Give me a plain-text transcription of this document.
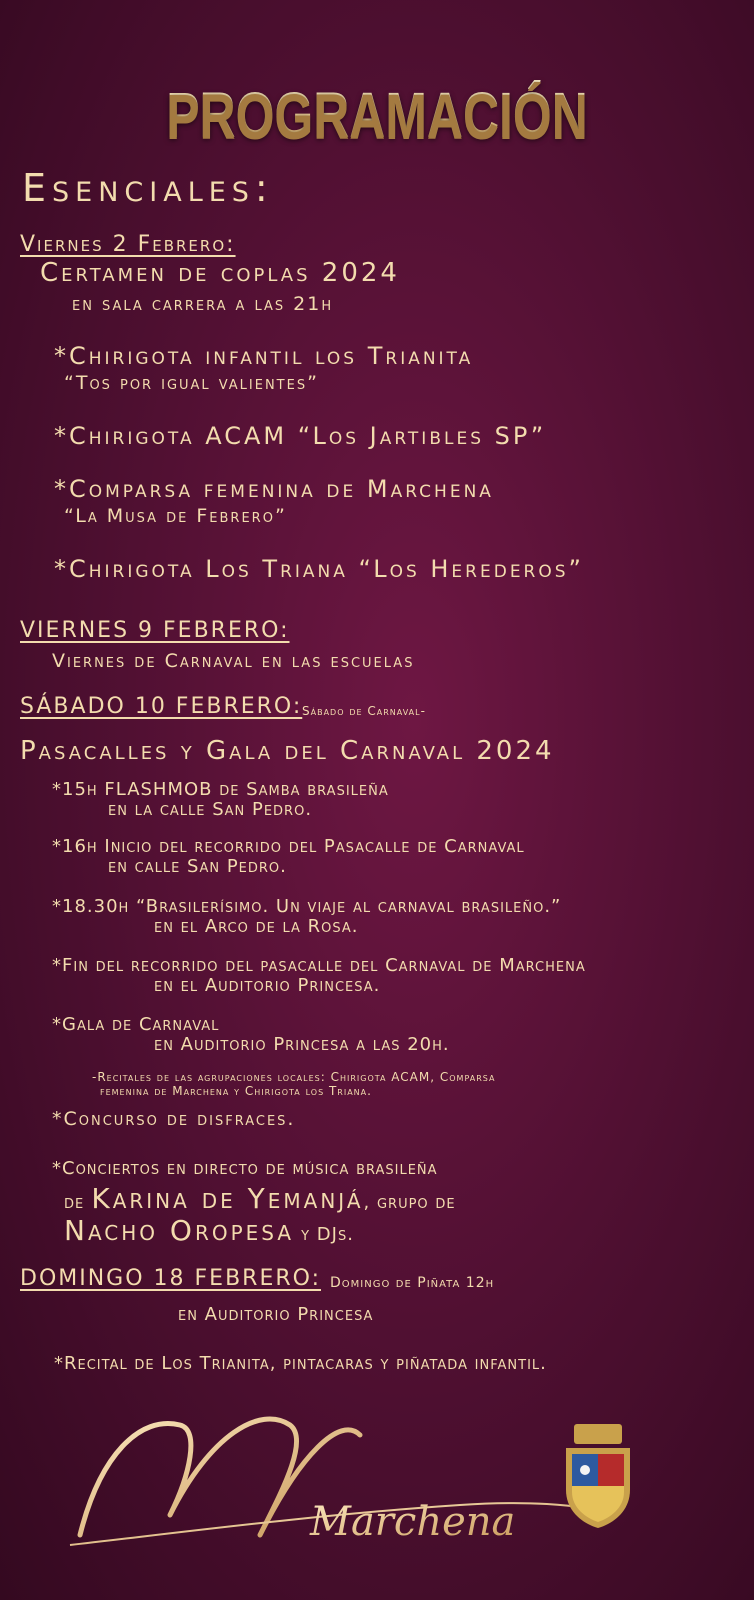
PROGRAMACIÓN
Esenciales:
Viernes 2 Febrero:
Certamen de coplas 2024
en sala carrera a las 21h
*Chirigota infantil los Trianita
“Tos por igual valientes”
*Chirigota ACAM “Los Jartibles SP”
*Comparsa femenina de Marchena
“La Musa de Febrero”
*Chirigota Los Triana “Los Herederos”
VIERNES 9 FEBRERO:
Viernes de Carnaval en las escuelas
SÁBADO 10 FEBRERO: Sábado de Carnaval-
Pasacalles y Gala del Carnaval 2024
*15h FLASHMOB de Samba brasileña
en la calle San Pedro.
*16h Inicio del recorrido del Pasacalle de Carnaval
en calle San Pedro.
*18.30h “Brasilerísimo. Un viaje al carnaval brasileño.”
en el Arco de la Rosa.
*Fin del recorrido del pasacalle del Carnaval de Marchena
en el Auditorio Princesa.
*Gala de Carnaval
en Auditorio Princesa a las 20h.
-Recitales de las agrupaciones locales: Chirigota ACAM, Comparsa
femenina de Marchena y Chirigota los Triana.
*Concurso de disfraces.
*Conciertos en directo de música brasileña
de Karina de Yemanjá, grupo de
Nacho Oropesa y DJs.
DOMINGO 18 FEBRERO: Domingo de Piñata 12h
en Auditorio Princesa
*Recital de Los Trianita, pintacaras y piñatada infantil.
Marchena
